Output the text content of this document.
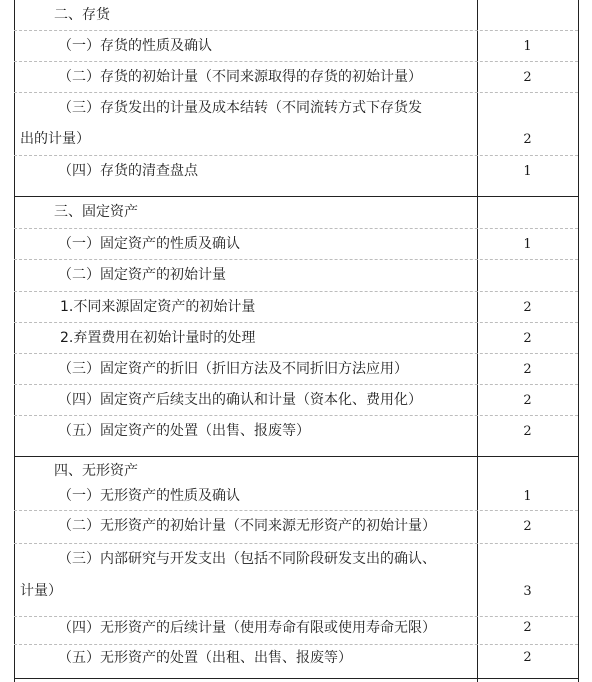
二、存货
（一）存货的性质及确认	1
（二）存货的初始计量（不同来源取得的存货的初始计量）	2
（三）存货发出的计量及成本结转（不同流转方式下存货发
出的计量）	2
（四）存货的清查盘点	1
三、固定资产
（一）固定资产的性质及确认	1
（二）固定资产的初始计量
1.不同来源固定资产的初始计量	2
2.弃置费用在初始计量时的处理	2
（三）固定资产的折旧（折旧方法及不同折旧方法应用）	2
（四）固定资产后续支出的确认和计量（资本化、费用化）	2
（五）固定资产的处置（出售、报废等）	2
四、无形资产
（一）无形资产的性质及确认	1
（二）无形资产的初始计量（不同来源无形资产的初始计量）	2
（三）内部研究与开发支出（包括不同阶段研发支出的确认、
计量）	3
（四）无形资产的后续计量（使用寿命有限或使用寿命无限）	2
（五）无形资产的处置（出租、出售、报废等）	2
